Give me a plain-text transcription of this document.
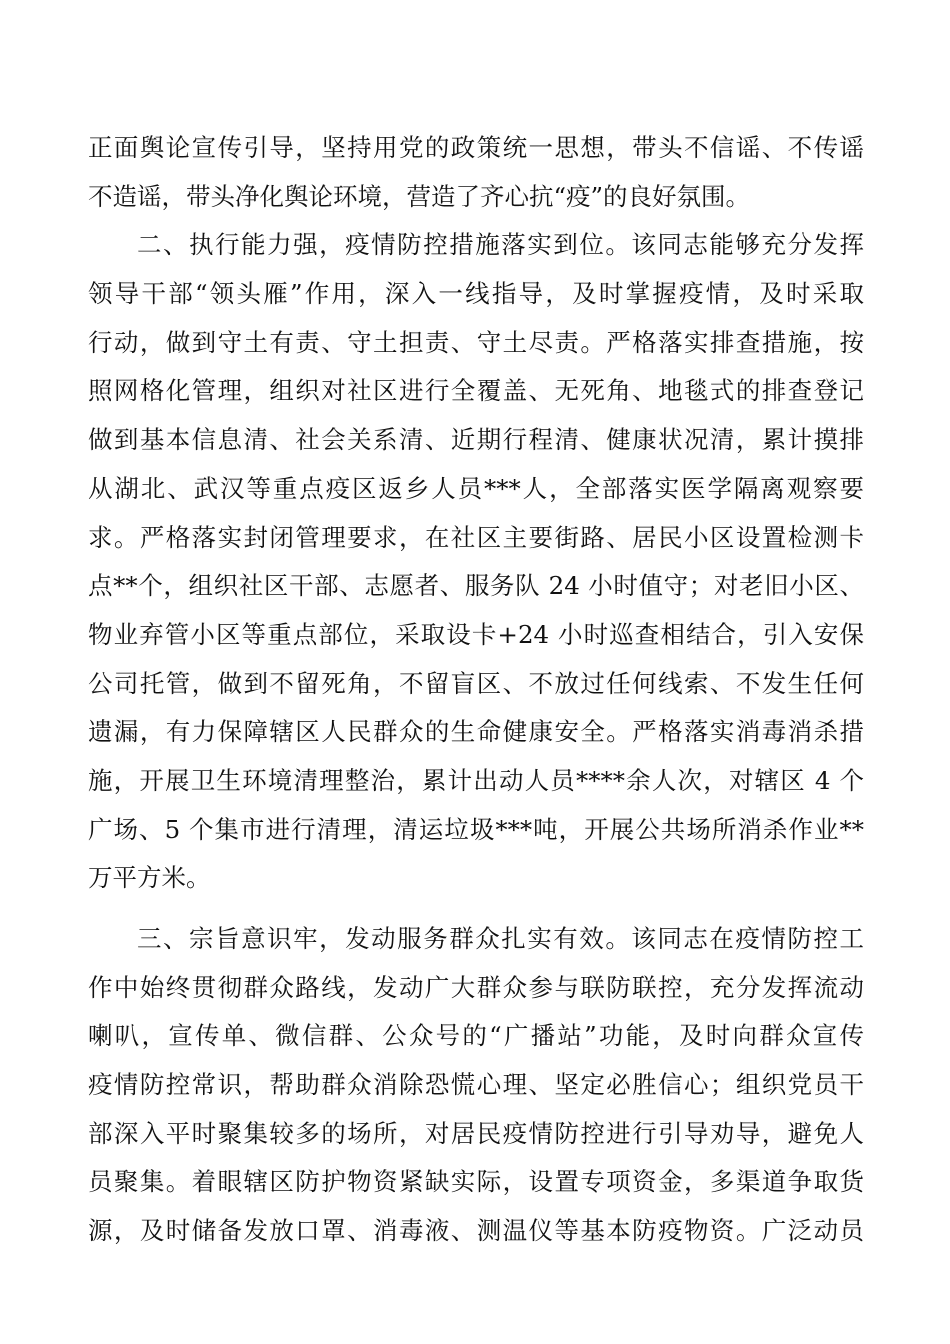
正面舆论宣传引导，坚持用党的政策统一思想，带头不信谣、不传谣
不造谣，带头净化舆论环境，营造了齐心抗“疫”的良好氛围。
二、执行能力强，疫情防控措施落实到位。该同志能够充分发挥
领导干部“领头雁”作用，深入一线指导，及时掌握疫情，及时采取
行动，做到守土有责、守土担责、守土尽责。严格落实排查措施，按
照网格化管理，组织对社区进行全覆盖、无死角、地毯式的排查登记
做到基本信息清、社会关系清、近期行程清、健康状况清，累计摸排
从湖北、武汉等重点疫区返乡人员***人，全部落实医学隔离观察要
求。严格落实封闭管理要求，在社区主要街路、居民小区设置检测卡
点**个，组织社区干部、志愿者、服务队 24 小时值守；对老旧小区、
物业弃管小区等重点部位，采取设卡+24 小时巡查相结合，引入安保
公司托管，做到不留死角，不留盲区、不放过任何线索、不发生任何
遗漏，有力保障辖区人民群众的生命健康安全。严格落实消毒消杀措
施，开展卫生环境清理整治，累计出动人员****余人次，对辖区 4 个
广场、5 个集市进行清理，清运垃圾***吨，开展公共场所消杀作业**
万平方米。
三、宗旨意识牢，发动服务群众扎实有效。该同志在疫情防控工
作中始终贯彻群众路线，发动广大群众参与联防联控，充分发挥流动
喇叭，宣传单、微信群、公众号的“广播站”功能，及时向群众宣传
疫情防控常识，帮助群众消除恐慌心理、坚定必胜信心；组织党员干
部深入平时聚集较多的场所，对居民疫情防控进行引导劝导，避免人
员聚集。着眼辖区防护物资紧缺实际，设置专项资金，多渠道争取货
源，及时储备发放口罩、消毒液、测温仪等基本防疫物资。广泛动员
